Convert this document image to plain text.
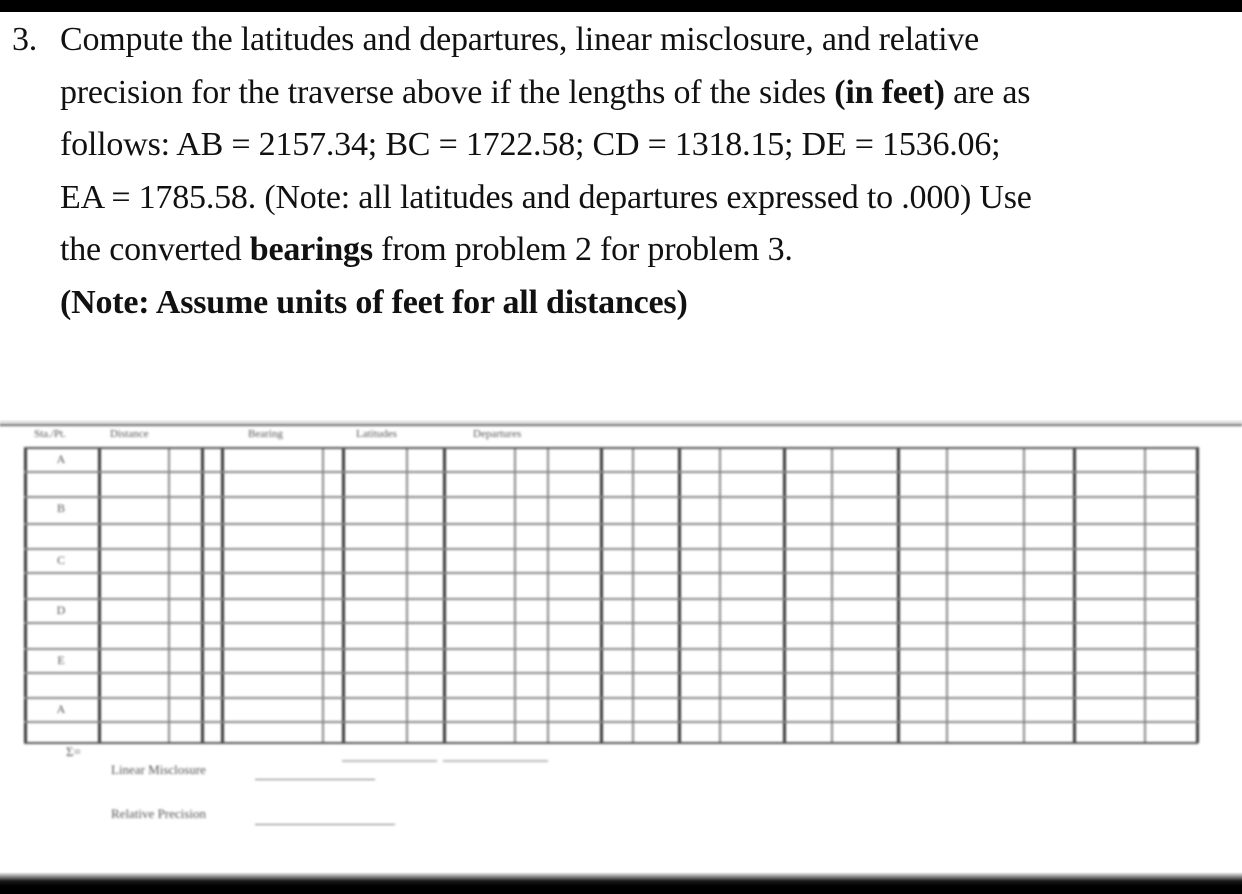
3. Compute the latitudes and departures, linear misclosure, and relative
precision for the traverse above if the lengths of the sides (in feet) are as
follows: AB = 2157.34; BC = 1722.58; CD = 1318.15; DE = 1536.06;
EA = 1785.58. (Note: all latitudes and departures expressed to .000) Use
the converted bearings from problem 2 for problem 3.
(Note: Assume units of feet for all distances)
Sta./Pt.	Distance	Bearing	Latitudes	Departures
A
B
C
D
E
A
Σ=
Linear Misclosure
Relative Precision
